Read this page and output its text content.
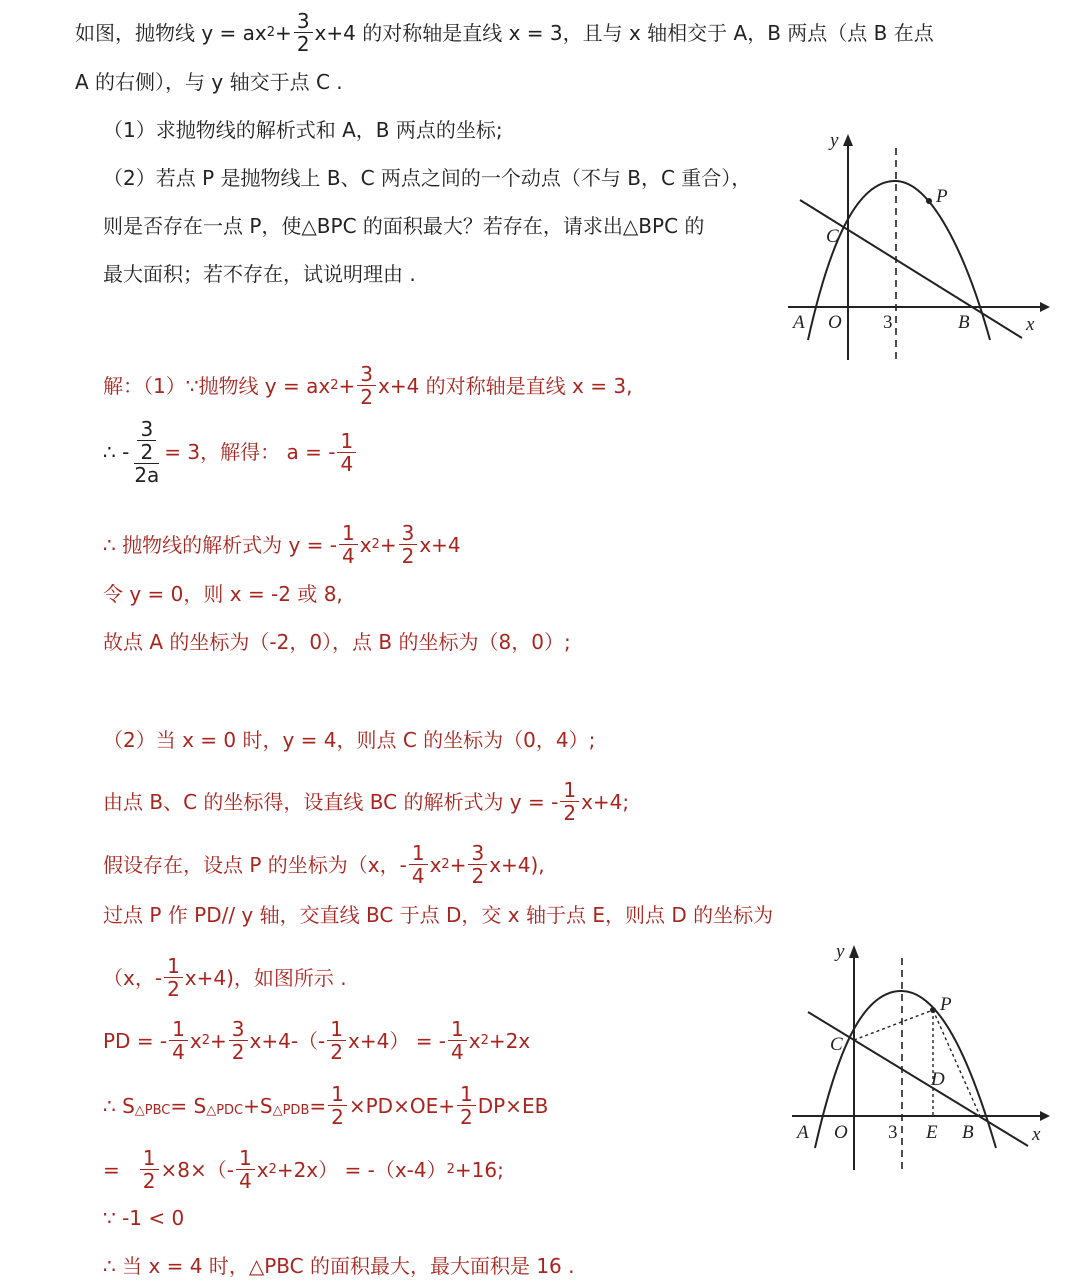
如图，抛物线 y = ax $2 + \frac{3}{2} x+4$ 的对称轴是直线 x = 3，且与 x 轴相交于 A，B 两点（点 B 在点
A 的右侧），与 y 轴交于点 C .
（1）求抛物线的解析式和 A，B 两点的坐标;
（2）若点 P 是抛物线上 B、C 两点之间的一个动点（不与 B，C 重合），
则是否存在一点 P，使△BPC 的面积最大？若存在，请求出△BPC 的
最大面积；若不存在，试说明理由 .
y
x
A O 3	B
C
P
解：（1）∵抛物线 y = ax $2 + \frac{3}{2} x+4$ 的对称轴是直线 x = 3,
∴ - $\frac{\frac{3}{2}}{2a} = 3$，解得： a = - $\frac{1}{4}$
∴ 抛物线的解析式为 y = - $\frac{1}{4}$ x $2 + \frac{3}{2} x+4$
令 y = 0，则 x = -2 或 8,
故点 A 的坐标为（-2，0），点 B 的坐标为（8，0）;
（2）当 x = 0 时，y = 4，则点 C 的坐标为（0，4）;
由点 B、C 的坐标得，设直线 BC 的解析式为 y = - $\frac{1}{2} x+4$;
假设存在，设点 P 的坐标为（x，- $\frac{1}{4}$ x $2 + \frac{3}{2} x+4$),
过点 P 作 PD// y 轴，交直线 BC 于点 D，交 x 轴于点 E，则点 D 的坐标为
（x，- $\frac{1}{2} x+4$)，如图所示 .
PD = - $\frac{1}{4}$ x $2 + \frac{3}{2} x+4-(- \frac{1}{2} x+4)$ = - $\frac{1}{4}$ x 2 +2x
∴ S △PBC = S △PDC +S △PDB = $\frac{1}{2} \times PD\times OE+ \frac{1}{2} DP\times EB$
= $\frac{1}{2} \times 8\times(- \frac{1}{4}$ x 2 +2x） = -（x-4） 2 +16;
∵ -1 < 0
∴ 当 x = 4 时，△PBC 的面积最大，最大面积是 16 .
y
x
A O 3 E B
C
P
D
